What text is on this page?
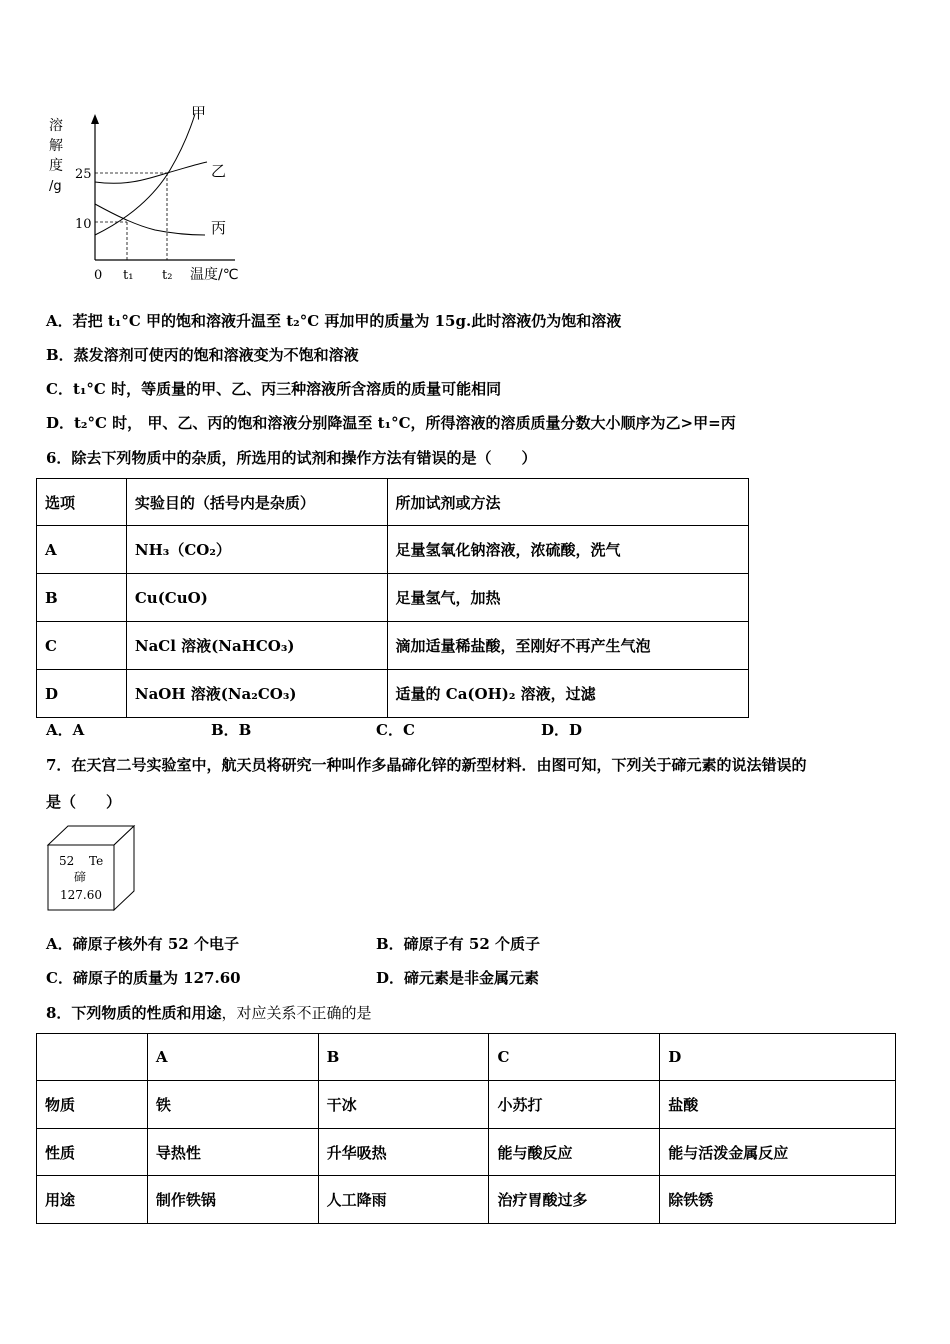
溶
解
度
/g
25
10
0 t₁ t₂ 温度/℃
甲
乙
丙
A．若把 t₁°C 甲的饱和溶液升温至 t₂°C 再加甲的质量为 15g.此时溶液仍为饱和溶液
B．蒸发溶剂可使丙的饱和溶液变为不饱和溶液
C．t₁°C 时，等质量的甲、乙、丙三种溶液所含溶质的质量可能相同
D．t₂°C 时， 甲、乙、丙的饱和溶液分别降温至 t₁°C，所得溶液的溶质质量分数大小顺序为乙>甲=丙
6．除去下列物质中的杂质，所选用的试剂和操作方法有错误的是（　　）
选项	实验目的（括号内是杂质）	所加试剂或方法
A	NH₃（CO₂）	足量氢氧化钠溶液，浓硫酸，洗气
B	Cu(CuO)	足量氢气，加热
C	NaCl 溶液(NaHCO₃)	滴加适量稀盐酸，至刚好不再产生气泡
D	NaOH 溶液(Na₂CO₃)	适量的 Ca(OH)₂ 溶液，过滤
A．A	B．B	C．C	D．D
7．在天宫二号实验室中，航天员将研究一种叫作多晶碲化锌的新型材料．由图可知，下列关于碲元素的说法错误的
是（　　）
52 Te
碲
127.60
A．碲原子核外有 52 个电子	B．碲原子有 52 个质子
C．碲原子的质量为 127.60	D．碲元素是非金属元素
8．下列物质的性质和用途，对应关系不正确的是
	A	B	C	D
物质	铁	干冰	小苏打	盐酸
性质	导热性	升华吸热	能与酸反应	能与活泼金属反应
用途	制作铁锅	人工降雨	治疗胃酸过多	除铁锈
